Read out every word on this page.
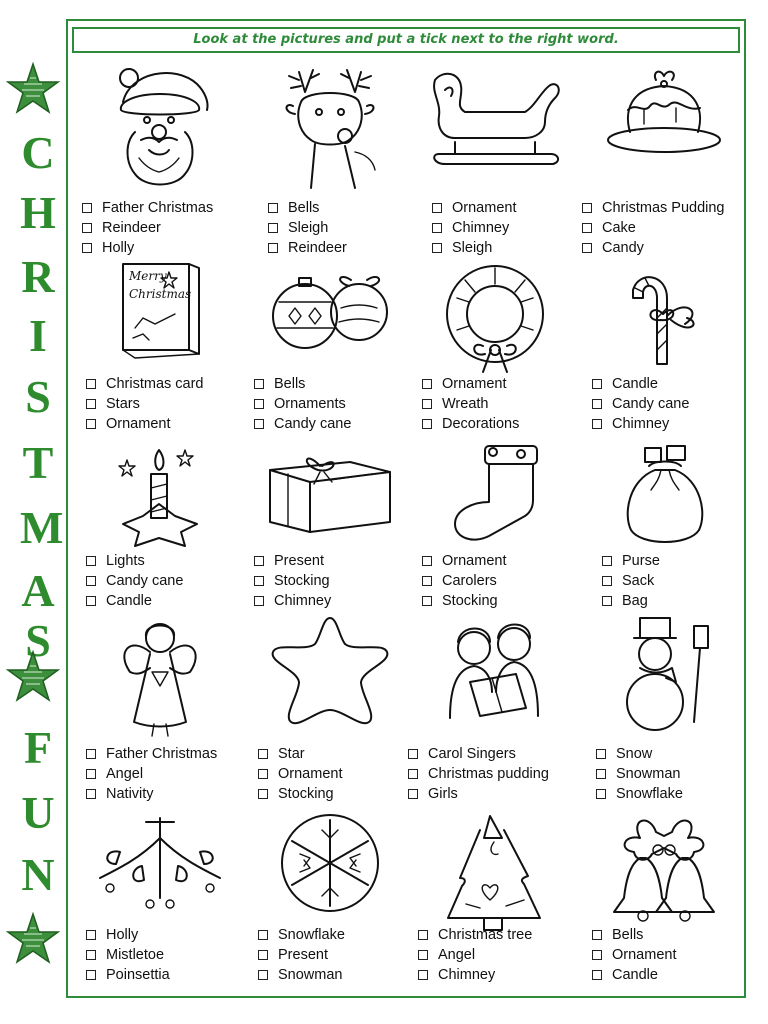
Look at the pictures and put a tick next to the right word.
C
H
R
I
S
T
M
A
S
F
U
N
Father Christmas
Reindeer
Holly
Bells
Sleigh
Reindeer
Ornament
Chimney
Sleigh
Christmas Pudding
Cake
Candy
Merry
Christmas
Christmas card
Stars
Ornament
Bells
Ornaments
Candy cane
Ornament
Wreath
Decorations
Candle
Candy cane
Chimney
Lights
Candy cane
Candle
Present
Stocking
Chimney
Ornament
Carolers
Stocking
Purse
Sack
Bag
Father Christmas
Angel
Nativity
Star
Ornament
Stocking
Carol Singers
Christmas pudding
Girls
Snow
Snowman
Snowflake
Holly
Mistletoe
Poinsettia
Snowflake
Present
Snowman
Christmas tree
Angel
Chimney
Bells
Ornament
Candle
